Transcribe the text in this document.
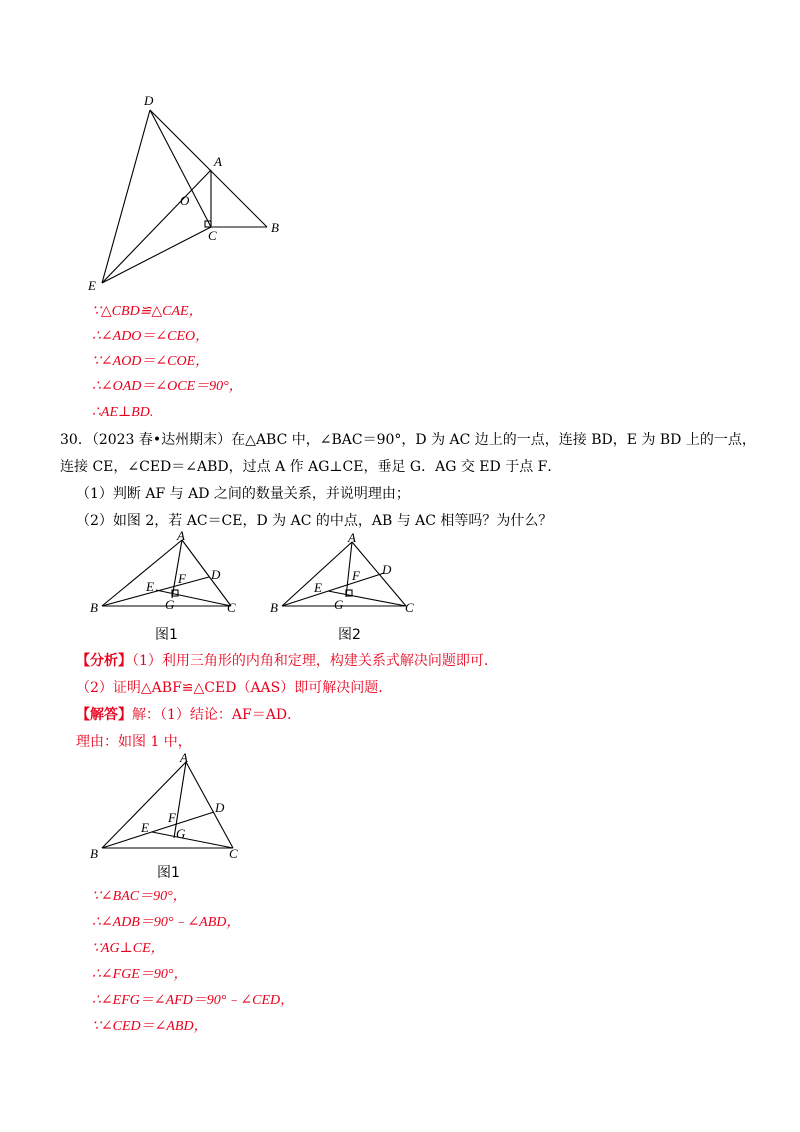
D
A
O
C
B
E
∵△CBD≌△CAE，
∴∠ADO＝∠CEO，
∵∠AOD＝∠COE，
∴∠OAD＝∠OCE＝90°，
∴AE⊥BD.
30．（2023 春•达州期末）在△ABC 中，∠BAC＝90°，D 为 AC 边上的一点，连接 BD，E 为 BD 上的一点，
连接 CE，∠CED＝∠ABD，过点 A 作 AG⊥CE，垂足 G．AG 交 ED 于点 F．
（1）判断 AF 与 AD 之间的数量关系，并说明理由；
（2）如图 2，若 AC＝CE，D 为 AC 的中点，AB 与 AC 相等吗？为什么？
A
D
F
E
G
B	C
图1
A
D
F
E
G
B	C
图2
【分析】（1）利用三角形的内角和定理，构建关系式解决问题即可．
（2）证明△ABF≌△CED（AAS）即可解决问题．
【解答】解：（1）结论：AF＝AD．
理由：如图 1 中，
A
D
F
E G
B	C
图1
∵∠BAC＝90°，
∴∠ADB＝90°﹣∠ABD，
∵AG⊥CE，
∴∠FGE＝90°，
∴∠EFG＝∠AFD＝90°﹣∠CED，
∵∠CED＝∠ABD，
